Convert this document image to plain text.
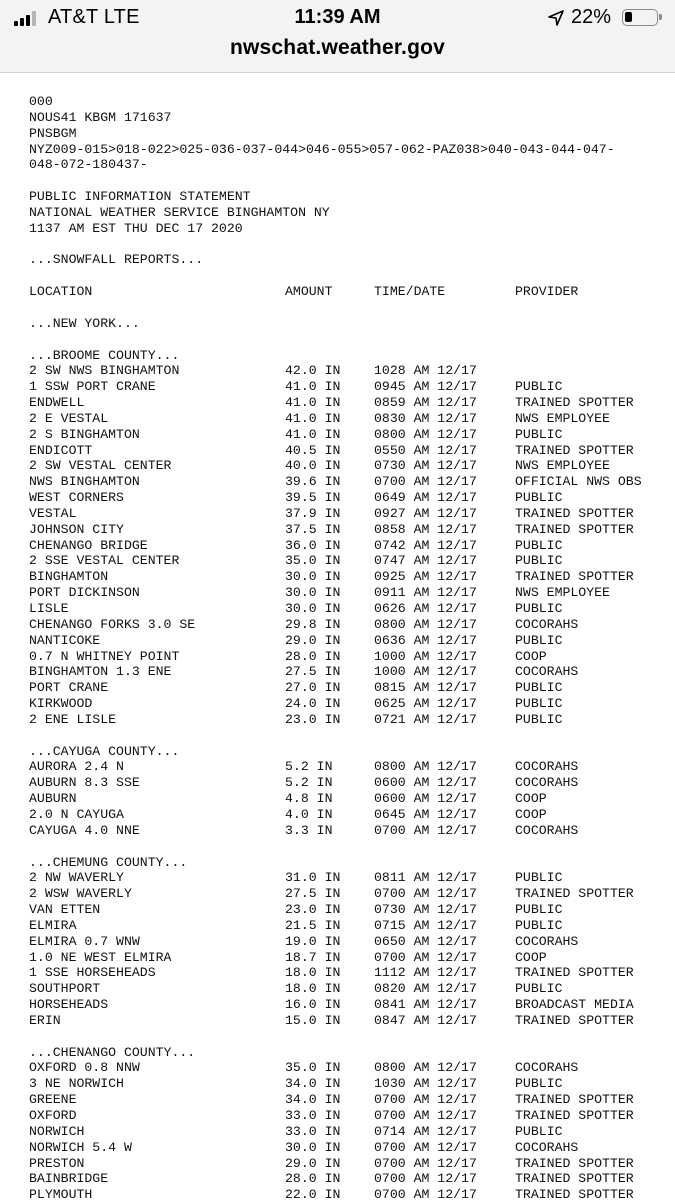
AT&T LTE	11:39 AM	22%
nwschat.weather.gov
000
NOUS41 KBGM 171637
PNSBGM
NYZ009-015>018-022>025-036-037-044>046-055>057-062-PAZ038>040-043-044-047-
048-072-180437-
PUBLIC INFORMATION STATEMENT
NATIONAL WEATHER SERVICE BINGHAMTON NY
1137 AM EST THU DEC 17 2020
...SNOWFALL REPORTS...
LOCATION	AMOUNT	TIME/DATE	PROVIDER
...NEW YORK...
...BROOME COUNTY...
2 SW NWS BINGHAMTON	42.0 IN	1028 AM 12/17
1 SSW PORT CRANE	41.0 IN	0945 AM 12/17	PUBLIC
ENDWELL	41.0 IN	0859 AM 12/17	TRAINED SPOTTER
2 E VESTAL	41.0 IN	0830 AM 12/17	NWS EMPLOYEE
2 S BINGHAMTON	41.0 IN	0800 AM 12/17	PUBLIC
ENDICOTT	40.5 IN	0550 AM 12/17	TRAINED SPOTTER
2 SW VESTAL CENTER	40.0 IN	0730 AM 12/17	NWS EMPLOYEE
NWS BINGHAMTON	39.6 IN	0700 AM 12/17	OFFICIAL NWS OBS
WEST CORNERS	39.5 IN	0649 AM 12/17	PUBLIC
VESTAL	37.9 IN	0927 AM 12/17	TRAINED SPOTTER
JOHNSON CITY	37.5 IN	0858 AM 12/17	TRAINED SPOTTER
CHENANGO BRIDGE	36.0 IN	0742 AM 12/17	PUBLIC
2 SSE VESTAL CENTER	35.0 IN	0747 AM 12/17	PUBLIC
BINGHAMTON	30.0 IN	0925 AM 12/17	TRAINED SPOTTER
PORT DICKINSON	30.0 IN	0911 AM 12/17	NWS EMPLOYEE
LISLE	30.0 IN	0626 AM 12/17	PUBLIC
CHENANGO FORKS 3.0 SE	29.8 IN	0800 AM 12/17	COCORAHS
NANTICOKE	29.0 IN	0636 AM 12/17	PUBLIC
0.7 N WHITNEY POINT	28.0 IN	1000 AM 12/17	COOP
BINGHAMTON 1.3 ENE	27.5 IN	1000 AM 12/17	COCORAHS
PORT CRANE	27.0 IN	0815 AM 12/17	PUBLIC
KIRKWOOD	24.0 IN	0625 AM 12/17	PUBLIC
2 ENE LISLE	23.0 IN	0721 AM 12/17	PUBLIC
...CAYUGA COUNTY...
AURORA 2.4 N	5.2 IN	0800 AM 12/17	COCORAHS
AUBURN 8.3 SSE	5.2 IN	0600 AM 12/17	COCORAHS
AUBURN	4.8 IN	0600 AM 12/17	COOP
2.0 N CAYUGA	4.0 IN	0645 AM 12/17	COOP
CAYUGA 4.0 NNE	3.3 IN	0700 AM 12/17	COCORAHS
...CHEMUNG COUNTY...
2 NW WAVERLY	31.0 IN	0811 AM 12/17	PUBLIC
2 WSW WAVERLY	27.5 IN	0700 AM 12/17	TRAINED SPOTTER
VAN ETTEN	23.0 IN	0730 AM 12/17	PUBLIC
ELMIRA	21.5 IN	0715 AM 12/17	PUBLIC
ELMIRA 0.7 WNW	19.0 IN	0650 AM 12/17	COCORAHS
1.0 NE WEST ELMIRA	18.7 IN	0700 AM 12/17	COOP
1 SSE HORSEHEADS	18.0 IN	1112 AM 12/17	TRAINED SPOTTER
SOUTHPORT	18.0 IN	0820 AM 12/17	PUBLIC
HORSEHEADS	16.0 IN	0841 AM 12/17	BROADCAST MEDIA
ERIN	15.0 IN	0847 AM 12/17	TRAINED SPOTTER
...CHENANGO COUNTY...
OXFORD 0.8 NNW	35.0 IN	0800 AM 12/17	COCORAHS
3 NE NORWICH	34.0 IN	1030 AM 12/17	PUBLIC
GREENE	34.0 IN	0700 AM 12/17	TRAINED SPOTTER
OXFORD	33.0 IN	0700 AM 12/17	TRAINED SPOTTER
NORWICH	33.0 IN	0714 AM 12/17	PUBLIC
NORWICH 5.4 W	30.0 IN	0700 AM 12/17	COCORAHS
PRESTON	29.0 IN	0700 AM 12/17	TRAINED SPOTTER
BAINBRIDGE	28.0 IN	0700 AM 12/17	TRAINED SPOTTER
PLYMOUTH	22.0 IN	0700 AM 12/17	TRAINED SPOTTER
